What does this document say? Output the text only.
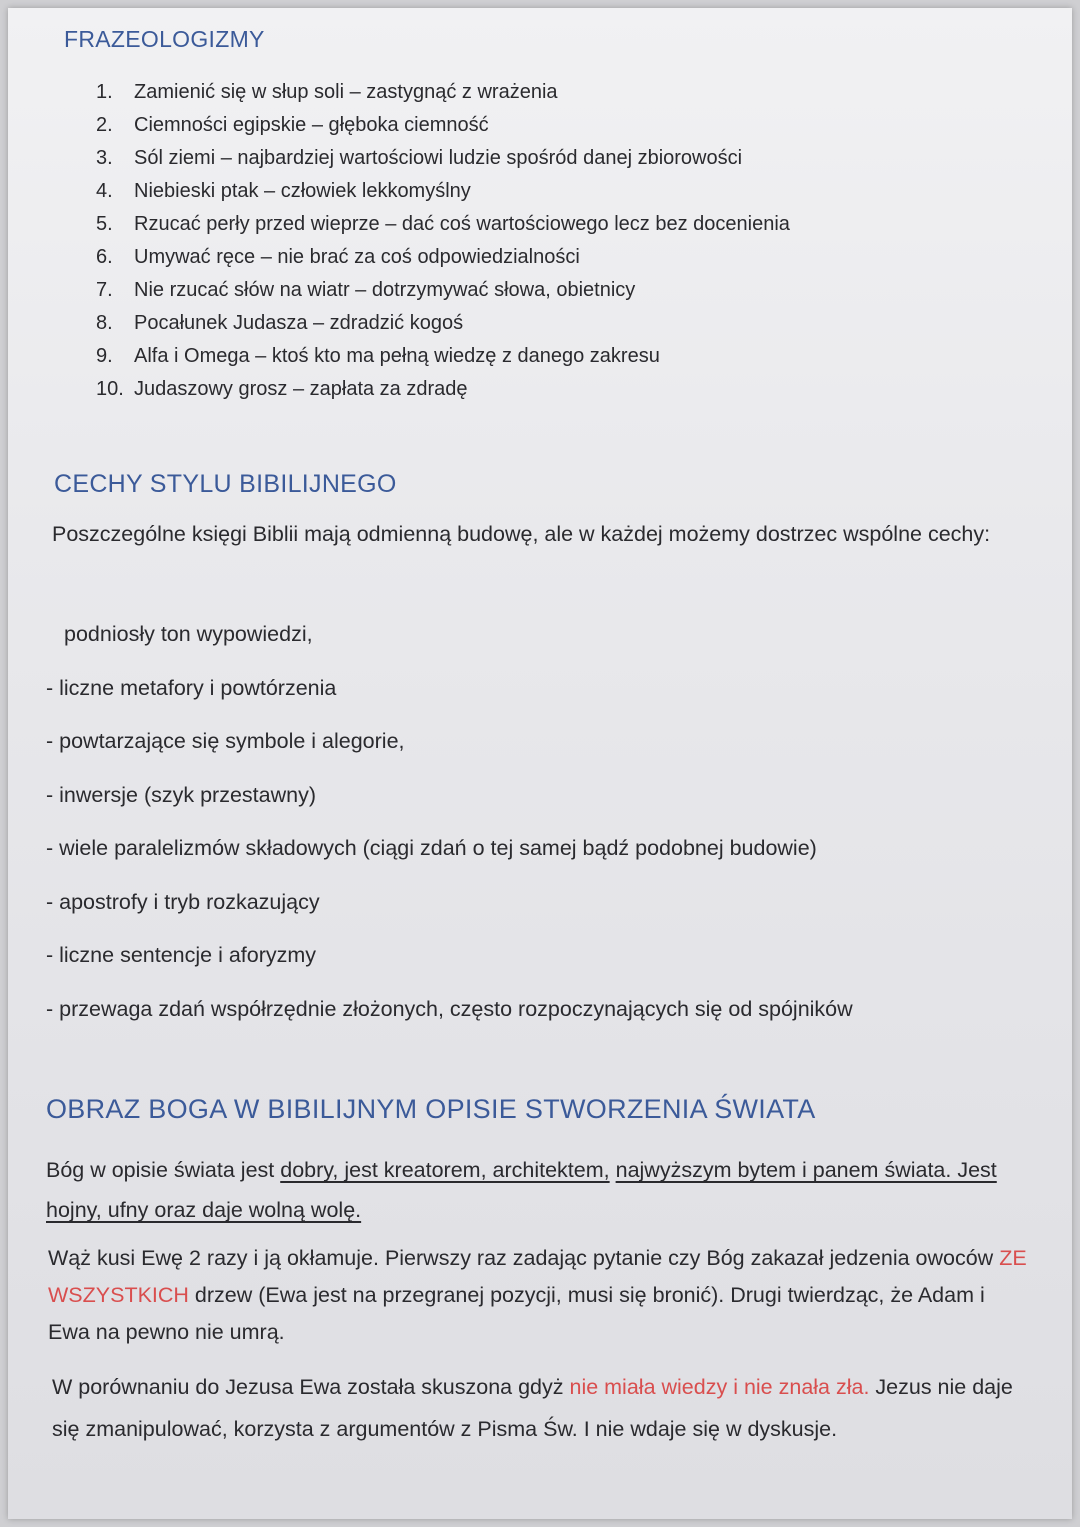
FRAZEOLOGIZMY
1. Zamienić się w słup soli – zastygnąć z wrażenia
2. Ciemności egipskie – głęboka ciemność
3. Sól ziemi – najbardziej wartościowi ludzie spośród danej zbiorowości
4. Niebieski ptak – człowiek lekkomyślny
5. Rzucać perły przed wieprze – dać coś wartościowego lecz bez docenienia
6. Umywać ręce – nie brać za coś odpowiedzialności
7. Nie rzucać słów na wiatr – dotrzymywać słowa, obietnicy
8. Pocałunek Judasza – zdradzić kogoś
9. Alfa i Omega – ktoś kto ma pełną wiedzę z danego zakresu
10. Judaszowy grosz – zapłata za zdradę
CECHY STYLU BIBILIJNEGO
Poszczególne księgi Biblii mają odmienną budowę, ale w każdej możemy dostrzec wspólne cechy:
podniosły ton wypowiedzi,
- liczne metafory i powtórzenia
- powtarzające się symbole i alegorie,
- inwersje (szyk przestawny)
- wiele paralelizmów składowych (ciągi zdań o tej samej bądź podobnej budowie)
- apostrofy i tryb rozkazujący
- liczne sentencje i aforyzmy
- przewaga zdań współrzędnie złożonych, często rozpoczynających się od spójników
OBRAZ BOGA W BIBILIJNYM OPISIE STWORZENIA ŚWIATA
Bóg w opisie świata jest dobry, jest kreatorem, architektem, najwyższym bytem i panem świata. Jest hojny, ufny oraz daje wolną wolę.
Wąż kusi Ewę 2 razy i ją okłamuje. Pierwszy raz zadając pytanie czy Bóg zakazał jedzenia owoców ZE WSZYSTKICH drzew (Ewa jest na przegranej pozycji, musi się bronić). Drugi twierdząc, że Adam i Ewa na pewno nie umrą.
W porównaniu do Jezusa Ewa została skuszona gdyż nie miała wiedzy i nie znała zła. Jezus nie daje się zmanipulować, korzysta z argumentów z Pisma Św. I nie wdaje się w dyskusje.
